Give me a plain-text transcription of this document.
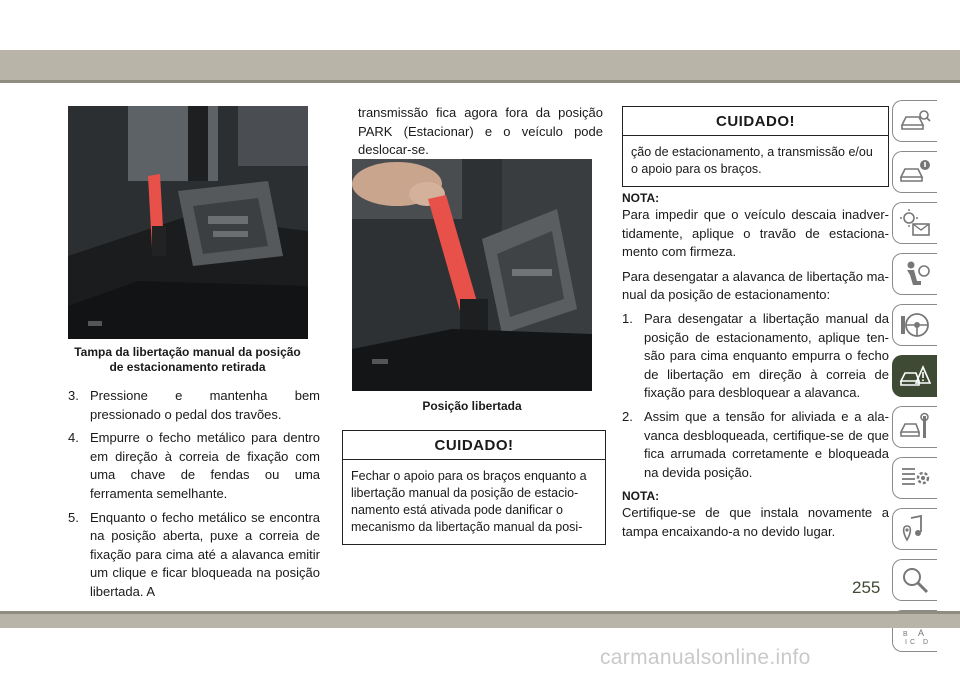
Tampa da libertação manual da posição
de estacionamento retirada
3. Pressione e mantenha bem pressionado o pedal dos travões.
4. Empurre o fecho metálico para dentro em direção à correia de fixação com uma chave de fendas ou uma ferramenta semelhante.
5. Enquanto o fecho metálico se encontra na posição aberta, puxe a correia de fixação para cima até a alavanca emitir um clique e ficar bloqueada na posição libertada. A

transmissão fica agora fora da posição PARK (Estacionar) e o veículo pode deslocar-se.

Posição libertada
CUIDADO!
Fechar o apoio para os braços enquanto a libertação manual da posição de estacio-namento está ativada pode danificar o mecanismo da libertação manual da posi-
CUIDADO!
ção de estacionamento, a transmissão e/ou o apoio para os braços.
NOTA:

Para impedir que o veículo descaia inadver-tidamente, aplique o travão de estaciona-mento com firmeza.

Para desengatar a alavanca de libertação ma-nual da posição de estacionamento:

1. Para desengatar a libertação manual da posição de estacionamento, aplique ten-são para cima enquanto empurra o fecho de libertação em direção à correia de fixação para desbloquear a alavanca.
2. Assim que a tensão for aliviada e a ala-vanca desbloqueada, certifique-se de que fica arrumada corretamente e bloqueada na devida posição.
NOTA:

Certifique-se de que instala novamente a tampa encaixando-a no devido lugar.

B A
I C D
255
carmanualsonline.info
